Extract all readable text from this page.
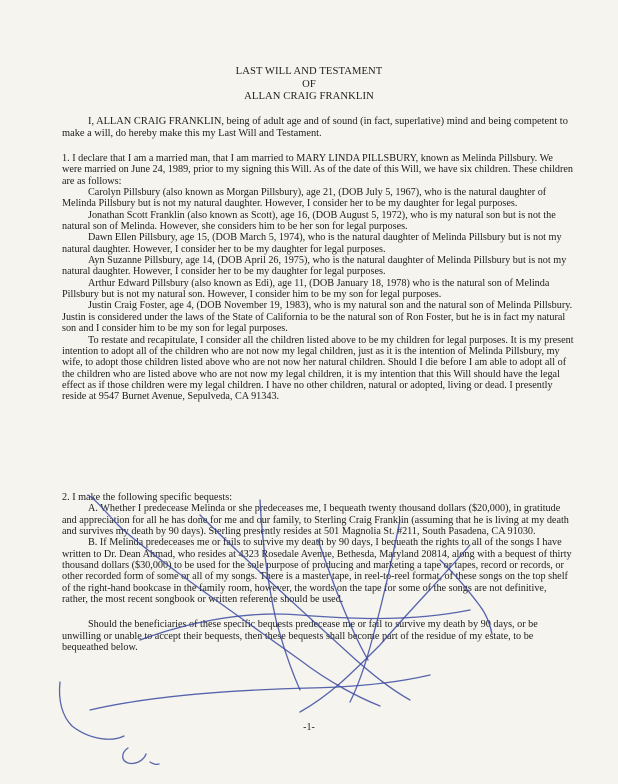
LAST WILL AND TESTAMENT
OF
ALLAN CRAIG FRANKLIN

I, ALLAN CRAIG FRANKLIN, being of adult age and of sound (in fact, superlative) mind and being competent to make a will, do hereby make this my Last Will and Testament.

1. I declare that I am a married man, that I am married to MARY LINDA PILLSBURY, known as Melinda Pillsbury. We were married on June 24, 1989, prior to my signing this Will. As of the date of this Will, we have six children. These children are as follows:

Carolyn Pillsbury (also known as Morgan Pillsbury), age 21, (DOB July 5, 1967), who is the natural daughter of Melinda Pillsbury but is not my natural daughter. However, I consider her to be my daughter for legal purposes.

Jonathan Scott Franklin (also known as Scott), age 16, (DOB August 5, 1972), who is my natural son but is not the natural son of Melinda. However, she considers him to be her son for legal purposes.

Dawn Ellen Pillsbury, age 15, (DOB March 5, 1974), who is the natural daughter of Melinda Pillsbury but is not my natural daughter. However, I consider her to be my daughter for legal purposes.

Ayn Suzanne Pillsbury, age 14, (DOB April 26, 1975), who is the natural daughter of Melinda Pillsbury but is not my natural daughter. However, I consider her to be my daughter for legal purposes.

Arthur Edward Pillsbury (also known as Edi), age 11, (DOB January 18, 1978) who is the natural son of Melinda Pillsbury but is not my natural son. However, I consider him to be my son for legal purposes.

Justin Craig Foster, age 4, (DOB November 19, 1983), who is my natural son and the natural son of Melinda Pillsbury. Justin is considered under the laws of the State of California to be the natural son of Ron Foster, but he is in fact my natural son and I consider him to be my son for legal purposes.

To restate and recapitulate, I consider all the children listed above to be my children for legal purposes. It is my present intention to adopt all of the children who are not now my legal children, just as it is the intention of Melinda Pillsbury, my wife, to adopt those children listed above who are not now her natural children. Should I die before I am able to adopt all of the children who are listed above who are not now my legal children, it is my intention that this Will should have the legal effect as if those children were my legal children. I have no other children, natural or adopted, living or dead. I presently reside at 9547 Burnet Avenue, Sepulveda, CA 91343.

2. I make the following specific bequests:

A. Whether I predecease Melinda or she predeceases me, I bequeath twenty thousand dollars ($20,000), in gratitude and appreciation for all he has done for me and our family, to Sterling Craig Franklin (assuming that he is living at my death and survives my death by 90 days). Sterling presently resides at 501 Magnolia St. #211, South Pasadena, CA 91030.

B. If Melinda predeceases me or fails to survive my death by 90 days, I bequeath the rights to all of the songs I have written to Dr. Dean Ahmad, who resides at 4323 Rosedale Avenue, Bethesda, Maryland 20814, along with a bequest of thirty thousand dollars ($30,000) to be used for the sole purpose of producing and marketing a tape or tapes, record or records, or other recorded form of some or all of my songs. There is a master tape, in reel-to-reel format, of these songs on the top shelf of the right-hand bookcase in the family room, however, the words on the tape for some of the songs are not definitive, rather, the most recent songbook or written reference should be used.

Should the beneficiaries of these specific bequests predecease me or fail to survive my death by 90 days, or be unwilling or unable to accept their bequests, then these bequests shall become part of the residue of my estate, to be bequeathed below.

-1-
